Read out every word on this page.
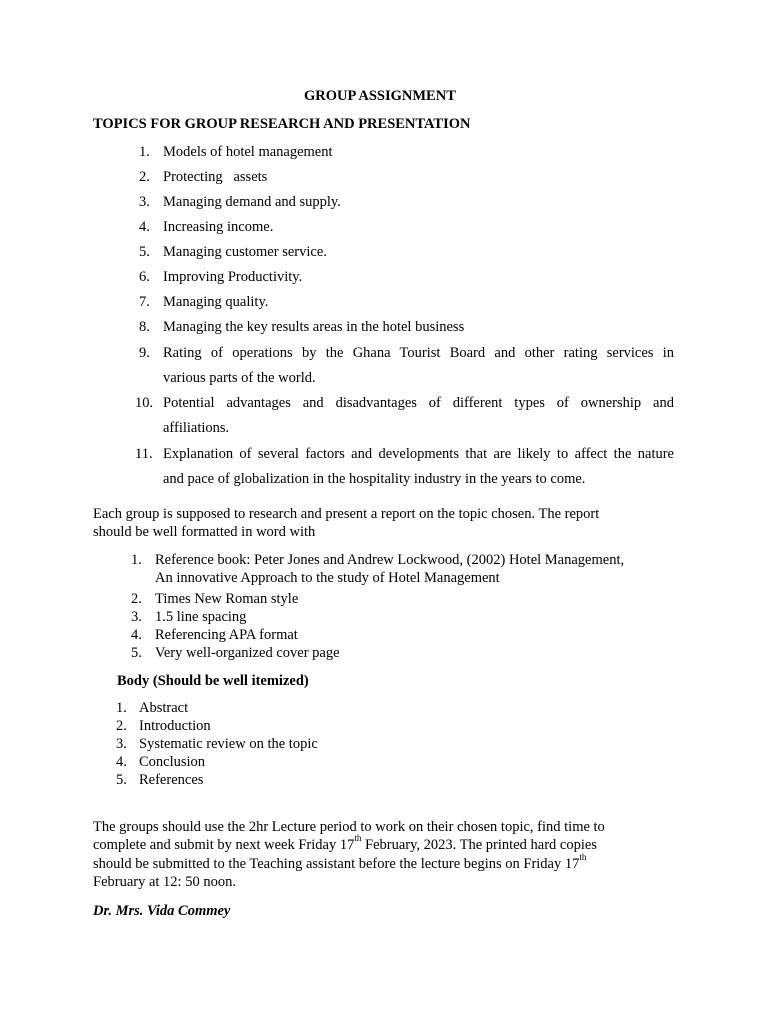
GROUP ASSIGNMENT
TOPICS FOR GROUP RESEARCH AND PRESENTATION
1. Models of hotel management
2. Protecting   assets
3. Managing demand and supply.
4. Increasing income.
5. Managing customer service.
6. Improving Productivity.
7. Managing quality.
8. Managing the key results areas in the hotel business
9. Rating of operations by the Ghana Tourist Board and other rating services in
various parts of the world.
10. Potential advantages and disadvantages of different types of ownership and
affiliations.
11. Explanation of several factors and developments that are likely to affect the nature
and pace of globalization in the hospitality industry in the years to come.
Each group is supposed to research and present a report on the topic chosen. The report
should be well formatted in word with
1. Reference book: Peter Jones and Andrew Lockwood, (2002) Hotel Management,
An innovative Approach to the study of Hotel Management
2. Times New Roman style
3. 1.5 line spacing
4. Referencing APA format
5. Very well-organized cover page
Body (Should be well itemized)
1. Abstract
2. Introduction
3. Systematic review on the topic
4. Conclusion
5. References
The groups should use the 2hr Lecture period to work on their chosen topic, find time to
complete and submit by next week Friday 17th February, 2023. The printed hard copies
should be submitted to the Teaching assistant before the lecture begins on Friday 17th
February at 12: 50 noon.
Dr. Mrs. Vida Commey
